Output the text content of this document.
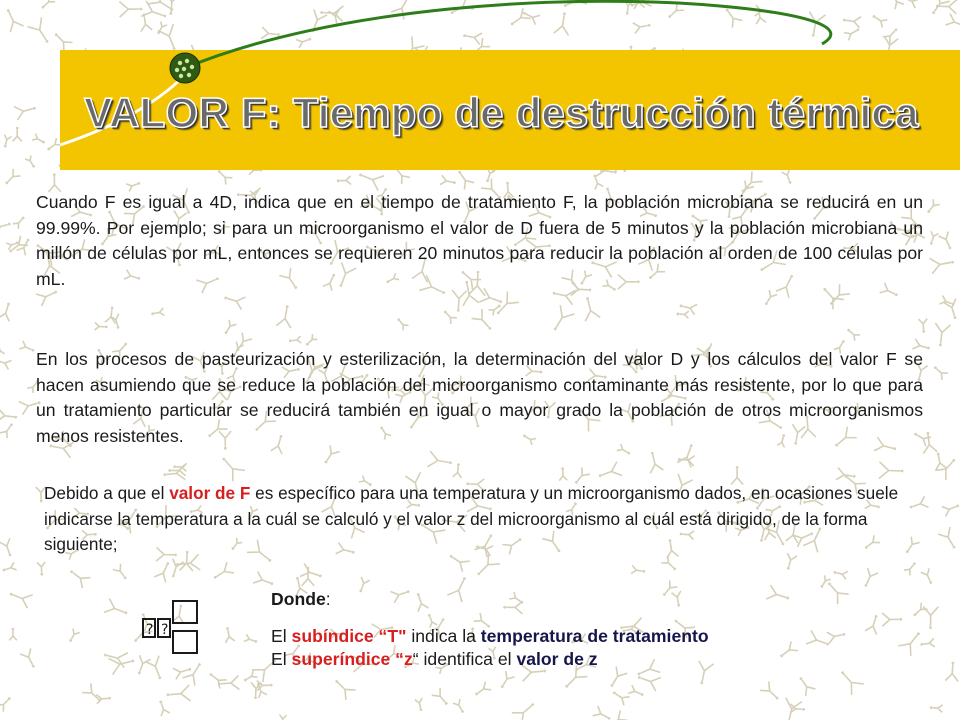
VALOR F: Tiempo de destrucción térmica

Cuando F es igual a 4D, indica que en el tiempo de tratamiento F, la población microbiana se reducirá en un 99.99%. Por ejemplo; si para un microorganismo el valor de D fuera de 5 minutos y la población microbiana un millón de células por mL, entonces se requieren 20 minutos para reducir la población al orden de 100 células por mL.

En los procesos de pasteurización y esterilización, la determinación del valor D y los cálculos del valor F se hacen asumiendo que se reduce la población del microorganismo contaminante más resistente, por lo que para un tratamiento particular se reducirá también en igual o mayor grado la población de otros microorganismos menos resistentes.

Debido a que el valor de F es específico para una temperatura y un microorganismo dados, en ocasiones suele indicarse la temperatura a la cuál se calculó y el valor z del microorganismo al cuál está dirigido, de la forma siguiente;

? ?
Donde:
El subíndice “T" indica la temperatura de tratamiento
El superíndice “z“ identifica el valor de z
